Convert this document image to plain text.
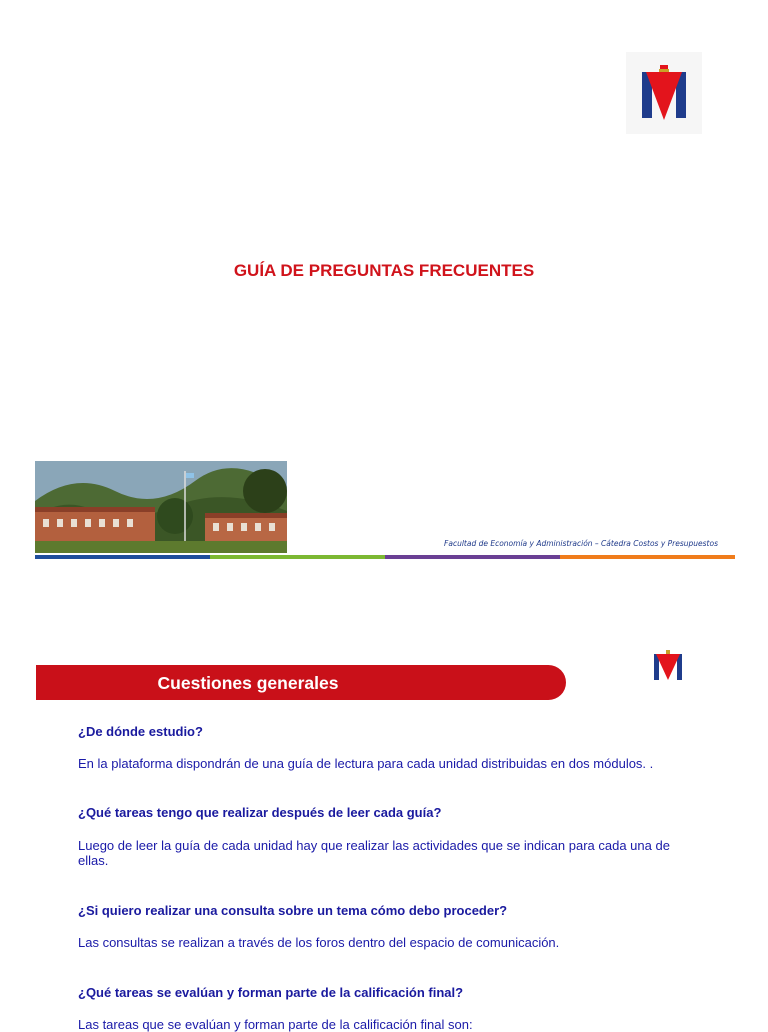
GUÍA DE PREGUNTAS FRECUENTES
Facultad de Economía y Administración – Cátedra Costos y Presupuestos
Cuestiones generales
¿De dónde estudio?
En la plataforma dispondrán de una guía de lectura para cada unidad distribuidas en dos módulos. .
¿Qué tareas tengo que realizar después de leer cada guía?
Luego de leer la guía de cada unidad hay que realizar las actividades que se indican para cada una de ellas.
¿Si quiero realizar una consulta sobre un tema cómo debo proceder?
Las consultas se realizan a través de los foros dentro del espacio de comunicación.
¿Qué tareas se evalúan y forman parte de la calificación final?
Las tareas que se evalúan y forman parte de la calificación final son:
